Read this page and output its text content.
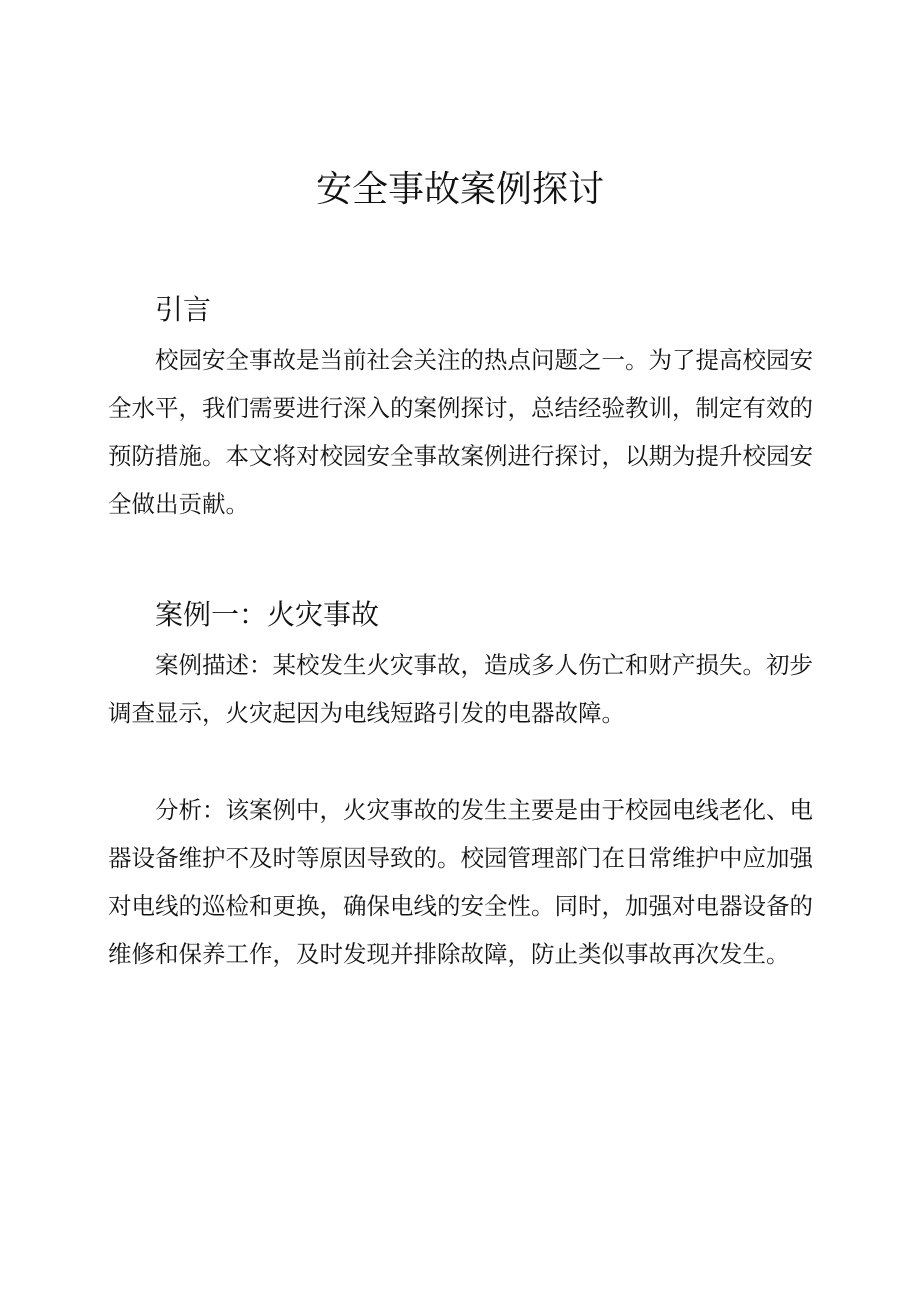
安全事故案例探讨
引言
校园安全事故是当前社会关注的热点问题之一。为了提高校园安
全水平，我们需要进行深入的案例探讨，总结经验教训，制定有效的
预防措施。本文将对校园安全事故案例进行探讨，以期为提升校园安
全做出贡献。
案例一：火灾事故
案例描述：某校发生火灾事故，造成多人伤亡和财产损失。初步
调查显示，火灾起因为电线短路引发的电器故障。
分析：该案例中，火灾事故的发生主要是由于校园电线老化、电
器设备维护不及时等原因导致的。校园管理部门在日常维护中应加强
对电线的巡检和更换，确保电线的安全性。同时，加强对电器设备的
维修和保养工作，及时发现并排除故障，防止类似事故再次发生。
